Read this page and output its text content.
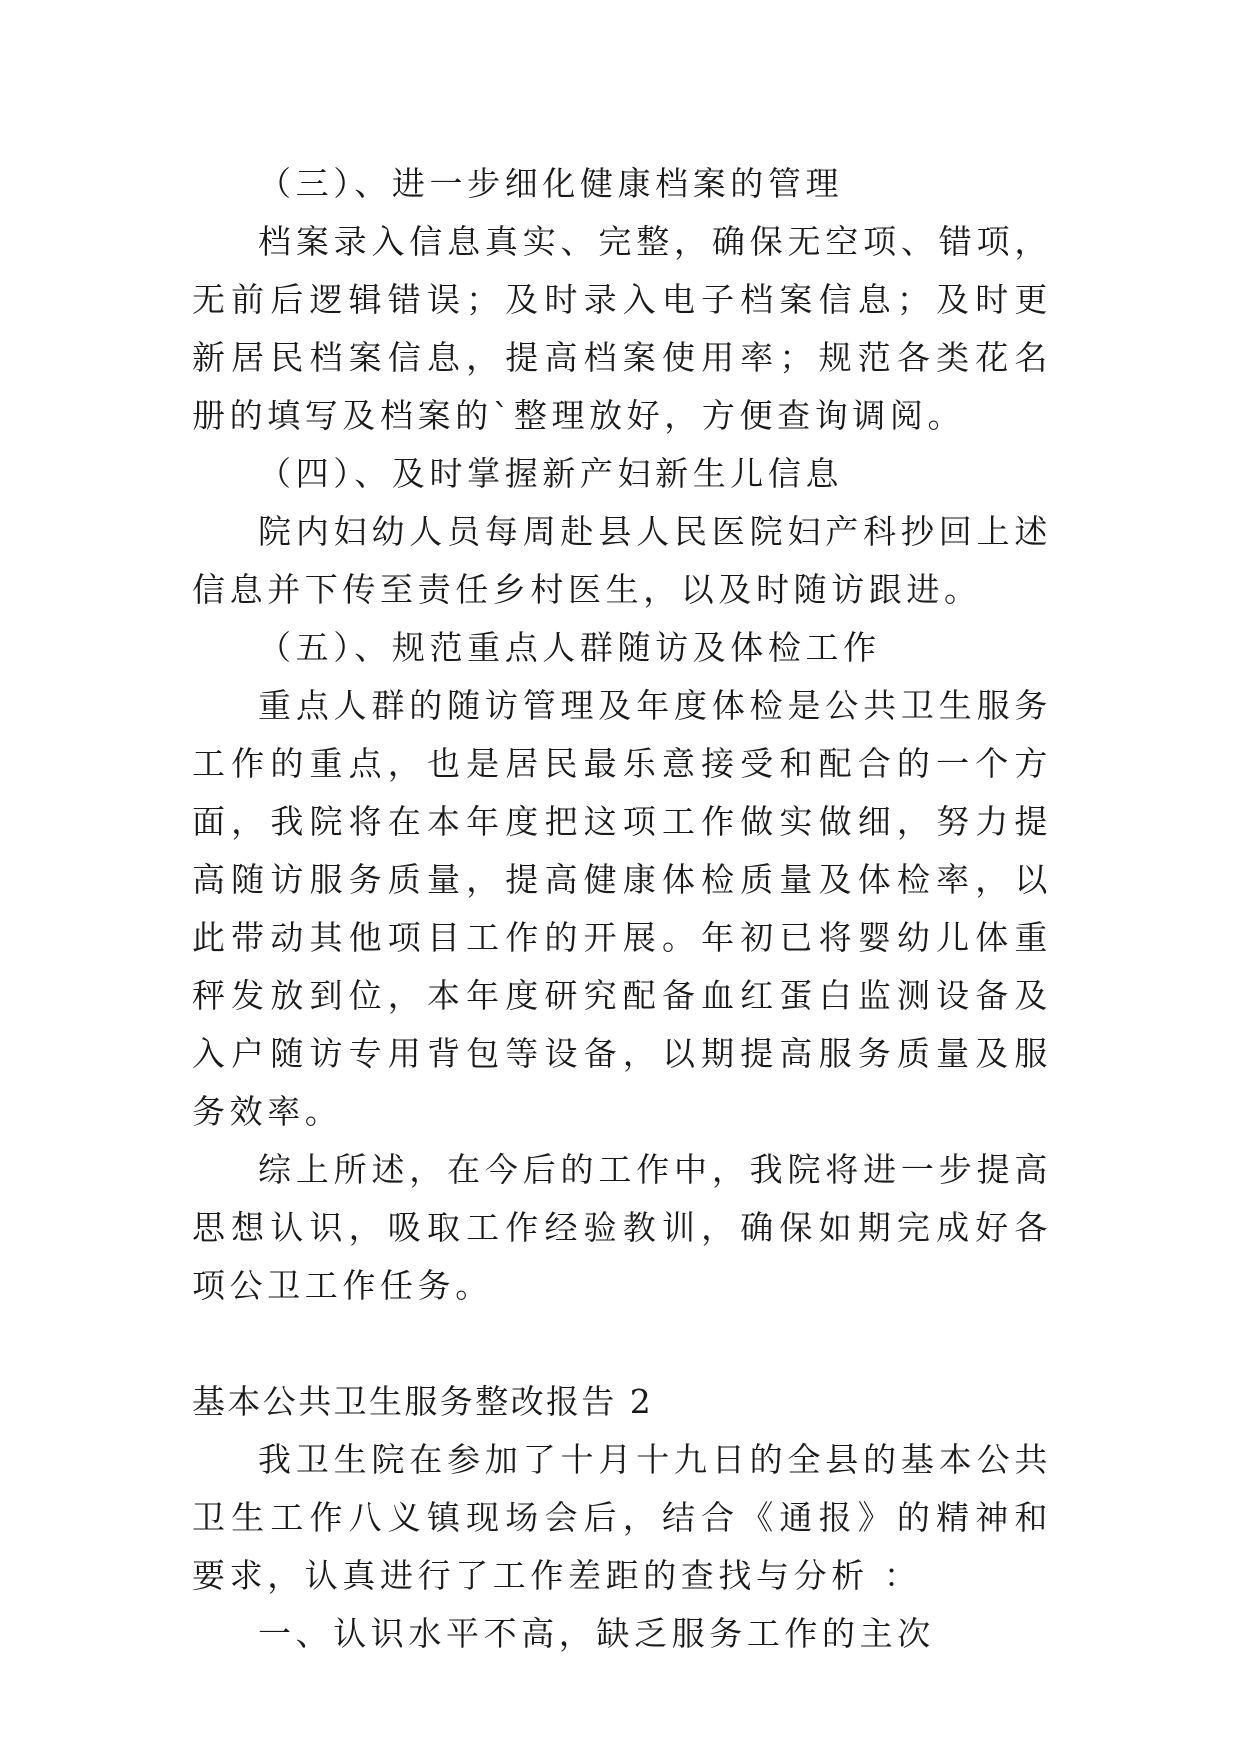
（三）、进一步细化健康档案的管理

档案录入信息真实、完整，确保无空项、错项，无前后逻辑错误；及时录入电子档案信息；及时更新居民档案信息，提高档案使用率；规范各类花名册的填写及档案的`整理放好，方便查询调阅。

（四）、及时掌握新产妇新生儿信息

院内妇幼人员每周赴县人民医院妇产科抄回上述信息并下传至责任乡村医生，以及时随访跟进。

（五）、规范重点人群随访及体检工作

重点人群的随访管理及年度体检是公共卫生服务工作的重点，也是居民最乐意接受和配合的一个方面，我院将在本年度把这项工作做实做细，努力提高随访服务质量，提高健康体检质量及体检率，以此带动其他项目工作的开展。年初已将婴幼儿体重秤发放到位，本年度研究配备血红蛋白监测设备及入户随访专用背包等设备，以期提高服务质量及服务效率。

综上所述，在今后的工作中，我院将进一步提高思想认识，吸取工作经验教训，确保如期完成好各项公卫工作任务。

基本公共卫生服务整改报告 2

我卫生院在参加了十月十九日的全县的基本公共卫生工作八义镇现场会后，结合《通报》的精神和要求，认真进行了工作差距的查找与分析 ：

一、认识水平不高，缺乏服务工作的主次
